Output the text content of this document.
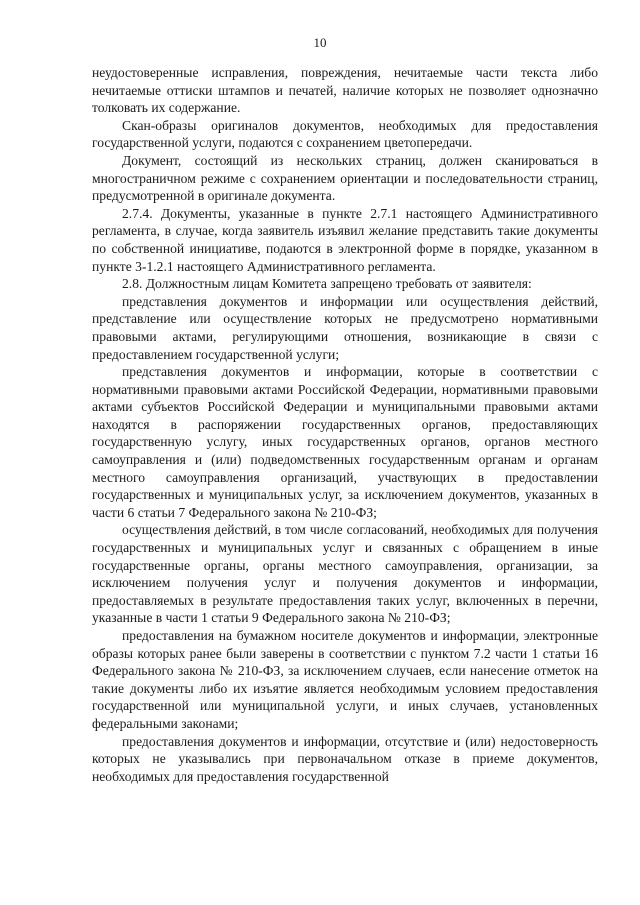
10

неудостоверенные исправления, повреждения, нечитаемые части текста либо нечитаемые оттиски штампов и печатей, наличие которых не позволяет однозначно толковать их содержание.

Скан-образы оригиналов документов, необходимых для предоставления государственной услуги, подаются с сохранением цветопередачи.

Документ, состоящий из нескольких страниц, должен сканироваться в многостраничном режиме с сохранением ориентации и последовательности страниц, предусмотренной в оригинале документа.

2.7.4. Документы, указанные в пункте 2.7.1 настоящего Административного регламента, в случае, когда заявитель изъявил желание представить такие документы по собственной инициативе, подаются в электронной форме в порядке, указанном в пункте 3-1.2.1 настоящего Административного регламента.

2.8. Должностным лицам Комитета запрещено требовать от заявителя:

представления документов и информации или осуществления действий, представление или осуществление которых не предусмотрено нормативными правовыми актами, регулирующими отношения, возникающие в связи с предоставлением государственной услуги;

представления документов и информации, которые в соответствии с нормативными правовыми актами Российской Федерации, нормативными правовыми актами субъектов Российской Федерации и муниципальными правовыми актами находятся в распоряжении государственных органов, предоставляющих государственную услугу, иных государственных органов, органов местного самоуправления и (или) подведомственных государственным органам и органам местного самоуправления организаций, участвующих в предоставлении государственных и муниципальных услуг, за исключением документов, указанных в части 6 статьи 7 Федерального закона № 210-ФЗ;

осуществления действий, в том числе согласований, необходимых для получения государственных и муниципальных услуг и связанных с обращением в иные государственные органы, органы местного самоуправления, организации, за исключением получения услуг и получения документов и информации, предоставляемых в результате предоставления таких услуг, включенных в перечни, указанные в части 1 статьи 9 Федерального закона № 210-ФЗ;

предоставления на бумажном носителе документов и информации, электронные образы которых ранее были заверены в соответствии с пунктом 7.2 части 1 статьи 16 Федерального закона № 210-ФЗ, за исключением случаев, если нанесение отметок на такие документы либо их изъятие является необходимым условием предоставления государственной или муниципальной услуги, и иных случаев, установленных федеральными законами;

предоставления документов и информации, отсутствие и (или) недостоверность которых не указывались при первоначальном отказе в приеме документов, необходимых для предоставления государственной
